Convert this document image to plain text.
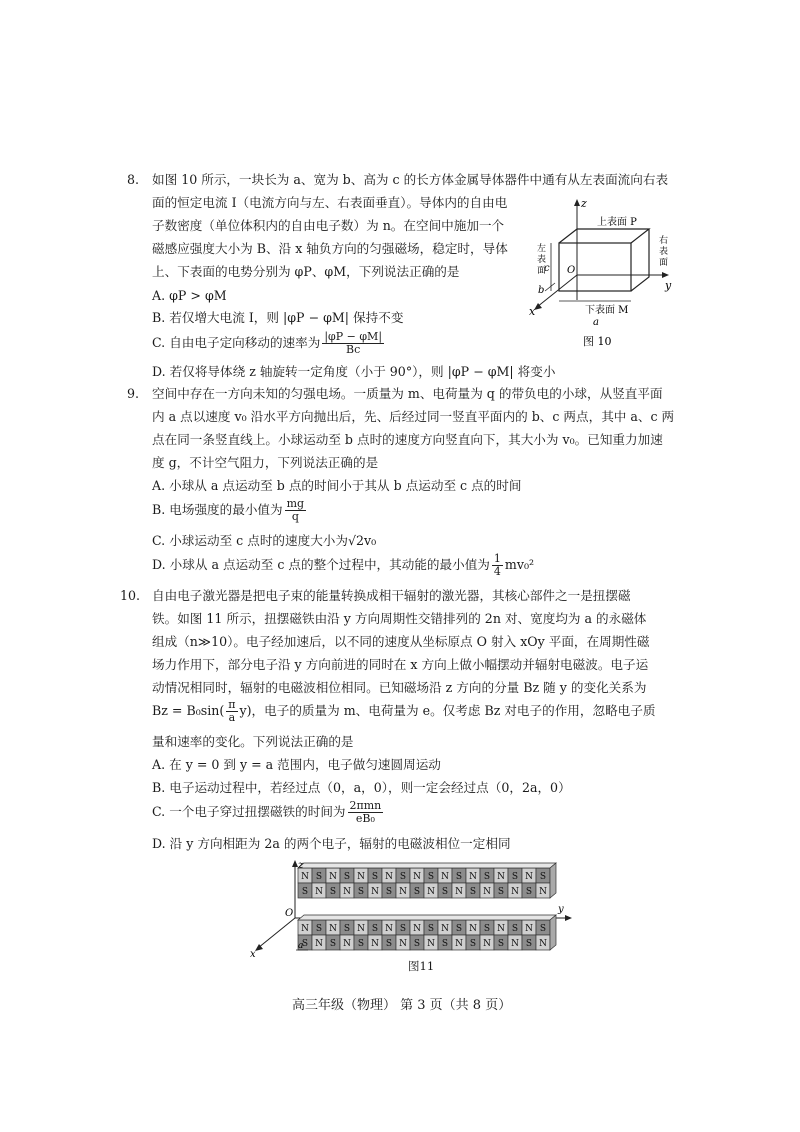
8. 如图 10 所示，一块长为 a、宽为 b、高为 c 的长方体金属导体器件中通有从左表面流向右表
面的恒定电流 I（电流方向与左、右表面垂直）。导体内的自由电
子数密度（单位体积内的自由电子数）为 n。在空间中施加一个
磁感应强度大小为 B、沿 x 轴负方向的匀强磁场，稳定时，导体
上、下表面的电势分别为 φP、φM，下列说法正确的是
A. φP > φM
B. 若仅增大电流 I，则 |φP − φM| 保持不变
C. 自由电子定向移动的速率为 $\frac{|\varphi P - \varphi M|}{Bc}$
D. 若仅将导体绕 z 轴旋转一定角度（小于 90°），则 |φP − φM| 将变小
z
y
x
O
上表面 P
下表面 M
左
表
面
右
表
面
c
a
b
图 10
9. 空间中存在一方向未知的匀强电场。一质量为 m、电荷量为 q 的带负电的小球，从竖直平面
内 a 点以速度 v₀ 沿水平方向抛出后，先、后经过同一竖直平面内的 b、c 两点，其中 a、c 两
点在同一条竖直线上。小球运动至 b 点时的速度方向竖直向下，其大小为 v₀。已知重力加速
度 g，不计空气阻力，下列说法正确的是
A. 小球从 a 点运动至 b 点的时间小于其从 b 点运动至 c 点的时间
B. 电场强度的最小值为 $\frac{mg}{q}$
C. 小球运动至 c 点时的速度大小为√2v₀
D. 小球从 a 点运动至 c 点的整个过程中，其动能的最小值为 $\frac{1}{4} mv_0^2$
10. 自由电子激光器是把电子束的能量转换成相干辐射的激光器，其核心部件之一是扭摆磁
铁。如图 11 所示，扭摆磁铁由沿 y 方向周期性交错排列的 2n 对、宽度均为 a 的永磁体
组成（n≫10）。电子经加速后，以不同的速度从坐标原点 O 射入 xOy 平面，在周期性磁
场力作用下，部分电子沿 y 方向前进的同时在 x 方向上做小幅摆动并辐射电磁波。电子运
动情况相同时，辐射的电磁波相位相同。已知磁场沿 z 方向的分量 Bz 随 y 的变化关系为
$Bz = B_0\sin( \frac{\pi}{a} y)$，电子的质量为 m、电荷量为 e。仅考虑 Bz 对电子的作用，忽略电子质
量和速率的变化。下列说法正确的是
A. 在 y = 0 到 y = a 范围内，电子做匀速圆周运动
B. 电子运动过程中，若经过点（0，a，0），则一定会经过点（0，2a，0）
C. 一个电子穿过扭摆磁铁的时间为 $\frac{\text{2πmn}}{\text{eB₀}}$
D. 沿 y 方向相距为 2a 的两个电子，辐射的电磁波相位一定相同
N S N S N S N S N S N S N S N S N S
S N S N S N S N S N S N S N S N S N
N S N S N S N S N S N S N S N S N S
S N S N S N S N S N S N S N S N S N
z
y
x
O
a
图11
高三年级（物理） 第 3 页（共 8 页）
